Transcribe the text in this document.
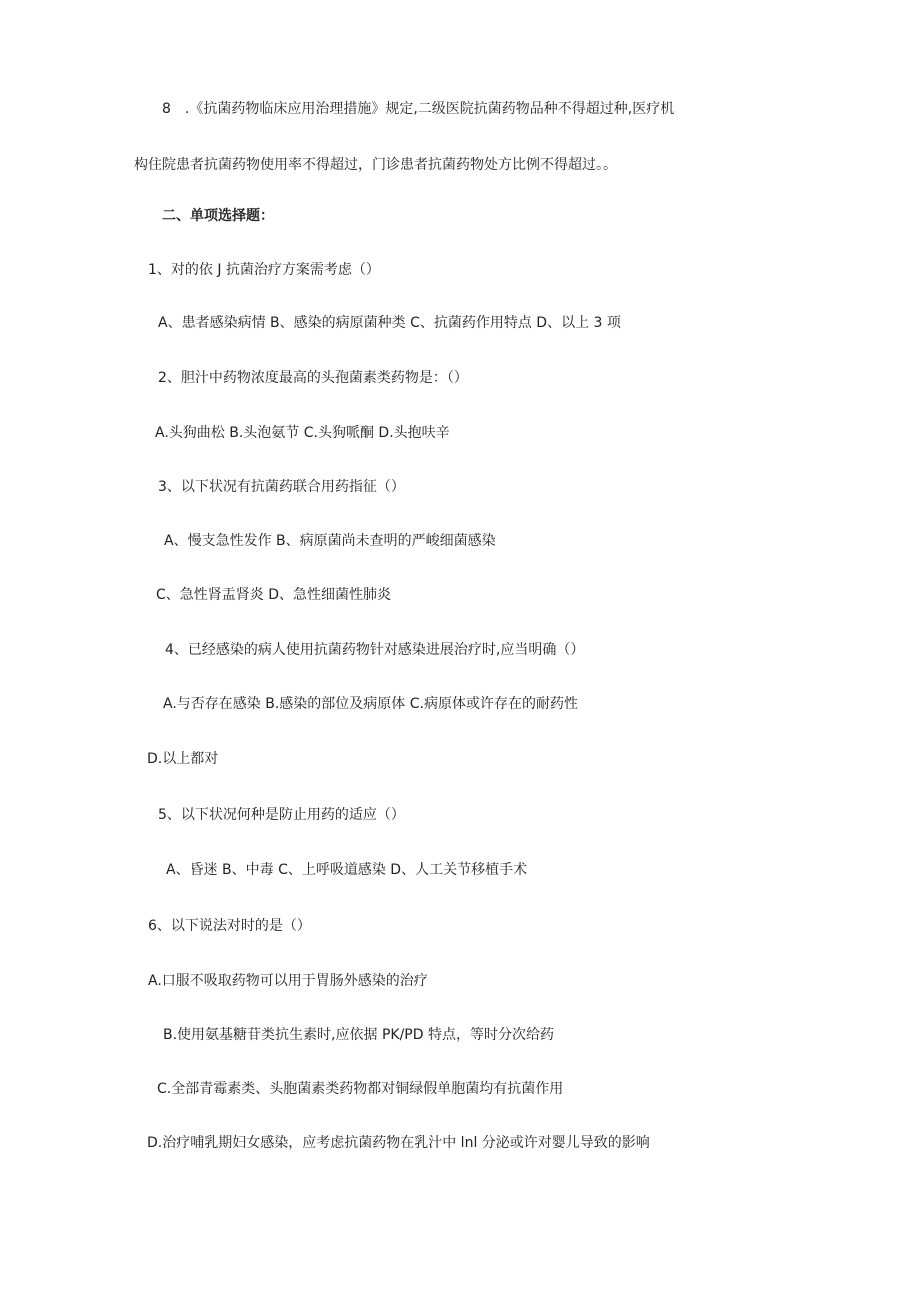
8　.《抗菌药物临床应用治理措施》规定,二级医院抗菌药物品种不得超过种,医疗机
构住院患者抗菌药物使用率不得超过，门诊患者抗菌药物处方比例不得超过。。
二、单项选择题：
1、对的依 J 抗菌治疗方案需考虑（）
A、患者感染病情 B、感染的病原菌种类 C、抗菌药作用特点 D、以上 3 项
2、胆汁中药物浓度最高的头孢菌素类药物是：（）
A.头狗曲松 B.头泡氨节 C.头狗哌酮 D.头抱呋辛
3、以下状况有抗菌药联合用药指征（）
A、慢支急性发作 B、病原菌尚未查明的严峻细菌感染
C、急性肾盂肾炎 D、急性细菌性肺炎
4、已经感染的病人使用抗菌药物针对感染进展治疗时,应当明确（）
A.与否存在感染 B.感染的部位及病原体 C.病原体或许存在的耐药性
D.以上都对
5、以下状况何种是防止用药的适应（）
A、昏迷 B、中毒 C、上呼吸道感染 D、人工关节移植手术
6、以下说法对时的是（）
A.口服不吸取药物可以用于胃肠外感染的治疗
B.使用氨基糖苷类抗生素时,应依据 PK/PD 特点，等时分次给药
C.全部青霉素类、头胞菌素类药物都对铜绿假单胞菌均有抗菌作用
D.治疗哺乳期妇女感染，应考虑抗菌药物在乳汁中 lnl 分泌或许对婴儿导致的影响
